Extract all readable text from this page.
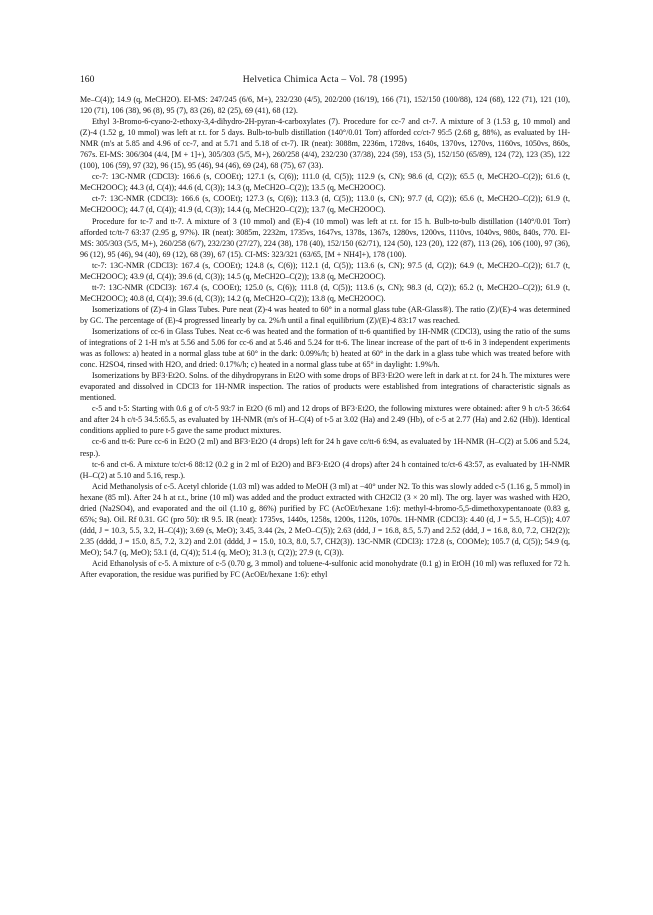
160	Helvetica Chimica Acta – Vol. 78 (1995)

Me–C(4)); 14.9 (q, MeCH2O). EI-MS: 247/245 (6/6, M+), 232/230 (4/5), 202/200 (16/19), 166 (71), 152/150 (100/88), 124 (68), 122 (71), 121 (10), 120 (71), 106 (38), 96 (8), 95 (7), 83 (26), 82 (25), 69 (41), 68 (12).

Ethyl 3-Bromo-6-cyano-2-ethoxy-3,4-dihydro-2H-pyran-4-carboxylates (7). Procedure for cc-7 and ct-7. A mixture of 3 (1.53 g, 10 mmol) and (Z)-4 (1.52 g, 10 mmol) was left at r.t. for 5 days. Bulb-to-bulb distillation (140°/0.01 Torr) afforded cc/ct-7 95:5 (2.68 g, 88%), as evaluated by 1H-NMR (m's at 5.85 and 4.96 of cc-7, and at 5.71 and 5.18 of ct-7). IR (neat): 3088m, 2236m, 1728vs, 1640s, 1370vs, 1270vs, 1160vs, 1050vs, 860s, 767s. EI-MS: 306/304 (4/4, [M + 1]+), 305/303 (5/5, M+), 260/258 (4/4), 232/230 (37/38), 224 (59), 153 (5), 152/150 (65/89), 124 (72), 123 (35), 122 (100), 106 (59), 97 (32), 96 (15), 95 (46), 94 (46), 69 (24), 68 (75), 67 (33).

cc-7: 13C-NMR (CDCl3): 166.6 (s, COOEt); 127.1 (s, C(6)); 111.0 (d, C(5)); 112.9 (s, CN); 98.6 (d, C(2)); 65.5 (t, MeCH2O–C(2)); 61.6 (t, MeCH2OOC); 44.3 (d, C(4)); 44.6 (d, C(3)); 14.3 (q, MeCH2O–C(2)); 13.5 (q, MeCH2OOC).

ct-7: 13C-NMR (CDCl3): 166.6 (s, COOEt); 127.3 (s, C(6)); 113.3 (d, C(5)); 113.0 (s, CN); 97.7 (d, C(2)); 65.6 (t, MeCH2O–C(2)); 61.9 (t, MeCH2OOC); 44.7 (d, C(4)); 41.9 (d, C(3)); 14.4 (q, MeCH2O–C(2)); 13.7 (q, MeCH2OOC).

Procedure for tc-7 and tt-7. A mixture of 3 (10 mmol) and (E)-4 (10 mmol) was left at r.t. for 15 h. Bulb-to-bulb distillation (140°/0.01 Torr) afforded tc/tt-7 63:37 (2.95 g, 97%). IR (neat): 3085m, 2232m, 1735vs, 1647vs, 1378s, 1367s, 1280vs, 1200vs, 1110vs, 1040vs, 980s, 840s, 770. EI-MS: 305/303 (5/5, M+), 260/258 (6/7), 232/230 (27/27), 224 (38), 178 (40), 152/150 (62/71), 124 (50), 123 (20), 122 (87), 113 (26), 106 (100), 97 (36), 96 (12), 95 (46), 94 (40), 69 (12), 68 (39), 67 (15). CI-MS: 323/321 (63/65, [M + NH4]+), 178 (100).

tc-7: 13C-NMR (CDCl3): 167.4 (s, COOEt); 124.8 (s, C(6)); 112.1 (d, C(5)); 113.6 (s, CN); 97.5 (d, C(2)); 64.9 (t, MeCH2O–C(2)); 61.7 (t, MeCH2OOC); 43.9 (d, C(4)); 39.6 (d, C(3)); 14.5 (q, MeCH2O–C(2)); 13.8 (q, MeCH2OOC).

tt-7: 13C-NMR (CDCl3): 167.4 (s, COOEt); 125.0 (s, C(6)); 111.8 (d, C(5)); 113.6 (s, CN); 98.3 (d, C(2)); 65.2 (t, MeCH2O–C(2)); 61.9 (t, MeCH2OOC); 40.8 (d, C(4)); 39.6 (d, C(3)); 14.2 (q, MeCH2O–C(2)); 13.8 (q, MeCH2OOC).

Isomerizations of (Z)-4 in Glass Tubes. Pure neat (Z)-4 was heated to 60° in a normal glass tube (AR-Glass®). The ratio (Z)/(E)-4 was determined by GC. The percentage of (E)-4 progressed linearly by ca. 2%/h until a final equilibrium (Z)/(E)-4 83:17 was reached.

Isomerizations of cc-6 in Glass Tubes. Neat cc-6 was heated and the formation of tt-6 quantified by 1H-NMR (CDCl3), using the ratio of the sums of integrations of 2 1-H m's at 5.56 and 5.06 for cc-6 and at 5.46 and 5.24 for tt-6. The linear increase of the part of tt-6 in 3 independent experiments was as follows: a) heated in a normal glass tube at 60° in the dark: 0.09%/h; b) heated at 60° in the dark in a glass tube which was treated before with conc. H2SO4, rinsed with H2O, and dried: 0.17%/h; c) heated in a normal glass tube at 65° in daylight: 1.9%/h.

Isomerizations by BF3·Et2O. Solns. of the dihydropyrans in Et2O with some drops of BF3·Et2O were left in dark at r.t. for 24 h. The mixtures were evaporated and dissolved in CDCl3 for 1H-NMR inspection. The ratios of products were established from integrations of characteristic signals as mentioned.

c-5 and t-5: Starting with 0.6 g of c/t-5 93:7 in Et2O (6 ml) and 12 drops of BF3·Et2O, the following mixtures were obtained: after 9 h c/t-5 36:64 and after 24 h c/t-5 34.5:65.5, as evaluated by 1H-NMR (m's of H–C(4) of t-5 at 3.02 (Ha) and 2.49 (Hb), of c-5 at 2.77 (Ha) and 2.62 (Hb)). Identical conditions applied to pure t-5 gave the same product mixtures.

cc-6 and tt-6: Pure cc-6 in Et2O (2 ml) and BF3·Et2O (4 drops) left for 24 h gave cc/tt-6 6:94, as evaluated by 1H-NMR (H–C(2) at 5.06 and 5.24, resp.).

tc-6 and ct-6. A mixture tc/ct-6 88:12 (0.2 g in 2 ml of Et2O) and BF3·Et2O (4 drops) after 24 h contained tc/ct-6 43:57, as evaluated by 1H-NMR (H–C(2) at 5.10 and 5.16, resp.).

Acid Methanolysis of c-5. Acetyl chloride (1.03 ml) was added to MeOH (3 ml) at −40° under N2. To this was slowly added c-5 (1.16 g, 5 mmol) in hexane (85 ml). After 24 h at r.t., brine (10 ml) was added and the product extracted with CH2Cl2 (3 × 20 ml). The org. layer was washed with H2O, dried (Na2SO4), and evaporated and the oil (1.10 g, 86%) purified by FC (AcOEt/hexane 1:6): methyl-4-bromo-5,5-dimethoxypentanoate (0.83 g, 65%; 9a). Oil. Rf 0.31. GC (pro 50): tR 9.5. IR (neat): 1735vs, 1440s, 1258s, 1200s, 1120s, 1070s. 1H-NMR (CDCl3): 4.40 (d, J = 5.5, H–C(5)); 4.07 (ddd, J = 10.3, 5.5, 3.2, H–C(4)); 3.69 (s, MeO); 3.45, 3.44 (2s, 2 MeO–C(5)); 2.63 (ddd, J = 16.8, 8.5, 5.7) and 2.52 (ddd, J = 16.8, 8.0, 7.2, CH2(2)); 2.35 (dddd, J = 15.0, 8.5, 7.2, 3.2) and 2.01 (dddd, J = 15.0, 10.3, 8.0, 5.7, CH2(3)). 13C-NMR (CDCl3): 172.8 (s, COOMe); 105.7 (d, C(5)); 54.9 (q, MeO); 54.7 (q, MeO); 53.1 (d, C(4)); 51.4 (q, MeO); 31.3 (t, C(2)); 27.9 (t, C(3)).

Acid Ethanolysis of c-5. A mixture of c-5 (0.70 g, 3 mmol) and toluene-4-sulfonic acid monohydrate (0.1 g) in EtOH (10 ml) was refluxed for 72 h. After evaporation, the residue was purified by FC (AcOEt/hexane 1:6): ethyl
